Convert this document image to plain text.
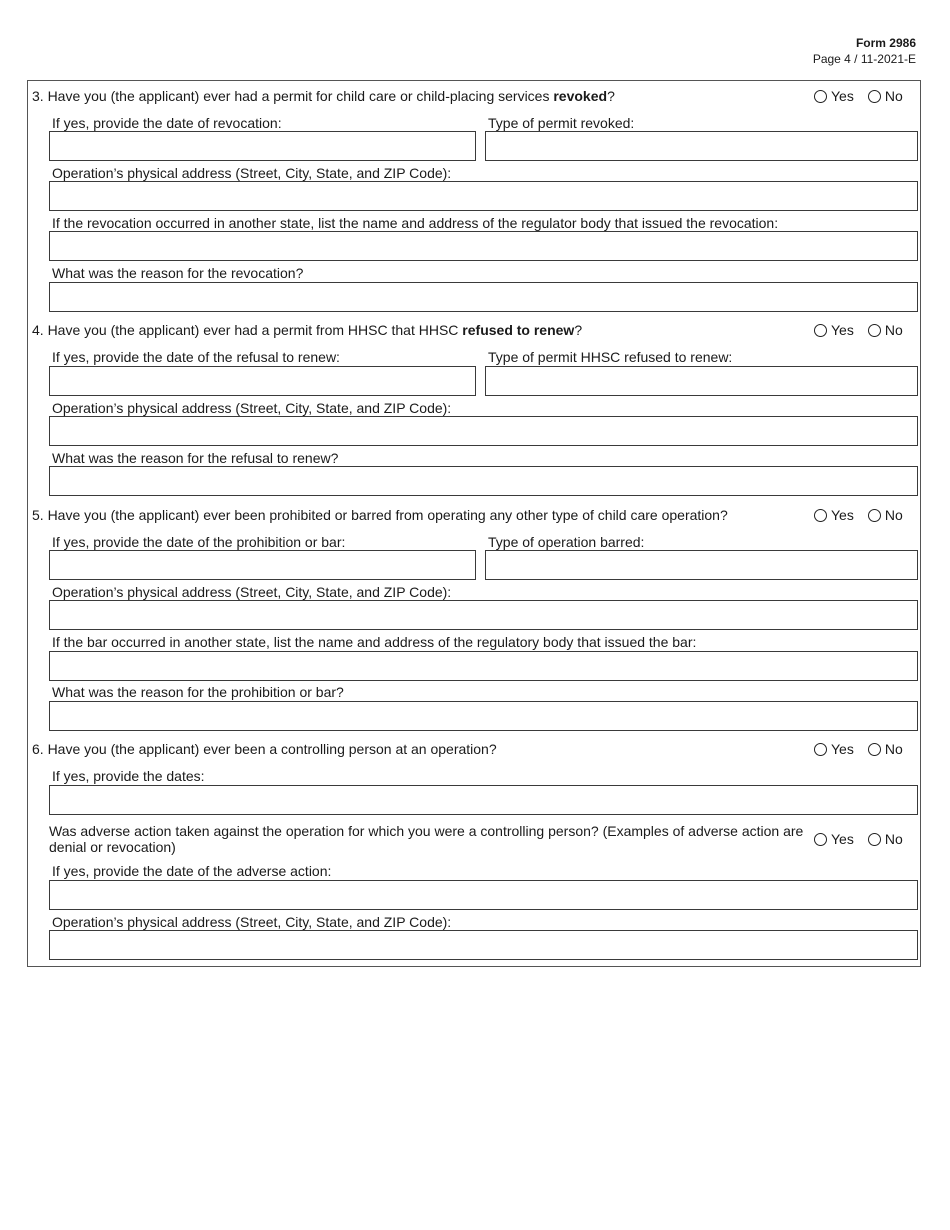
Form 2986
Page 4 / 11-2021-E
3. Have you (the applicant) ever had a permit for child care or child-placing services revoked?	Yes No
If yes, provide the date of revocation:	Type of permit revoked:
Operation’s physical address (Street, City, State, and ZIP Code):
If the revocation occurred in another state, list the name and address of the regulator body that issued the revocation:
What was the reason for the revocation?
4. Have you (the applicant) ever had a permit from HHSC that HHSC refused to renew?	Yes No
If yes, provide the date of the refusal to renew:	Type of permit HHSC refused to renew:
Operation’s physical address (Street, City, State, and ZIP Code):
What was the reason for the refusal to renew?
5. Have you (the applicant) ever been prohibited or barred from operating any other type of child care operation?	Yes No
If yes, provide the date of the prohibition or bar:	Type of operation barred:
Operation’s physical address (Street, City, State, and ZIP Code):
If the bar occurred in another state, list the name and address of the regulatory body that issued the bar:
What was the reason for the prohibition or bar?
6. Have you (the applicant) ever been a controlling person at an operation?	Yes No
If yes, provide the dates:
Was adverse action taken against the operation for which you were a controlling person? (Examples of adverse action are denial or revocation)	Yes No
If yes, provide the date of the adverse action:
Operation’s physical address (Street, City, State, and ZIP Code):
